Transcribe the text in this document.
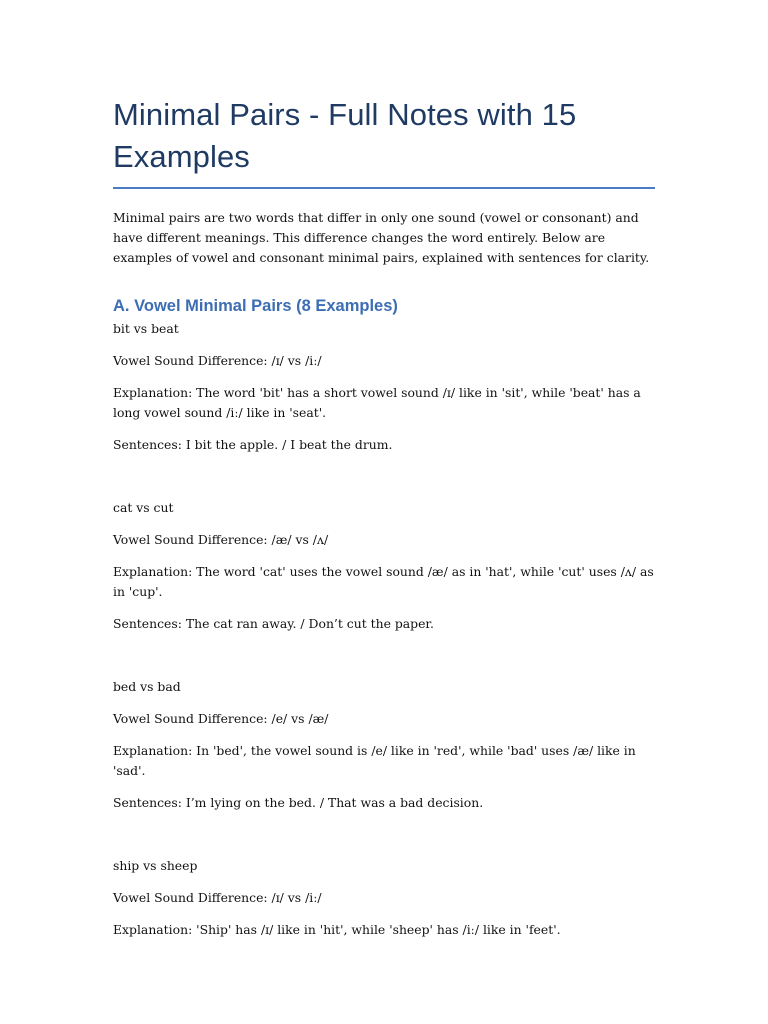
Minimal Pairs - Full Notes with 15 Examples

Minimal pairs are two words that differ in only one sound (vowel or consonant) and have different meanings. This difference changes the word entirely. Below are examples of vowel and consonant minimal pairs, explained with sentences for clarity.

A. Vowel Minimal Pairs (8 Examples)

bit vs beat

Vowel Sound Difference: /ɪ/ vs /iː/

Explanation: The word 'bit' has a short vowel sound /ɪ/ like in 'sit', while 'beat' has a long vowel sound /iː/ like in 'seat'.

Sentences: I bit the apple. / I beat the drum.

cat vs cut

Vowel Sound Difference: /æ/ vs /ʌ/

Explanation: The word 'cat' uses the vowel sound /æ/ as in 'hat', while 'cut' uses /ʌ/ as in 'cup'.

Sentences: The cat ran away. / Don’t cut the paper.

bed vs bad

Vowel Sound Difference: /e/ vs /æ/

Explanation: In 'bed', the vowel sound is /e/ like in 'red', while 'bad' uses /æ/ like in 'sad'.

Sentences: I’m lying on the bed. / That was a bad decision.

ship vs sheep

Vowel Sound Difference: /ɪ/ vs /iː/

Explanation: 'Ship' has /ɪ/ like in 'hit', while 'sheep' has /iː/ like in 'feet'.
